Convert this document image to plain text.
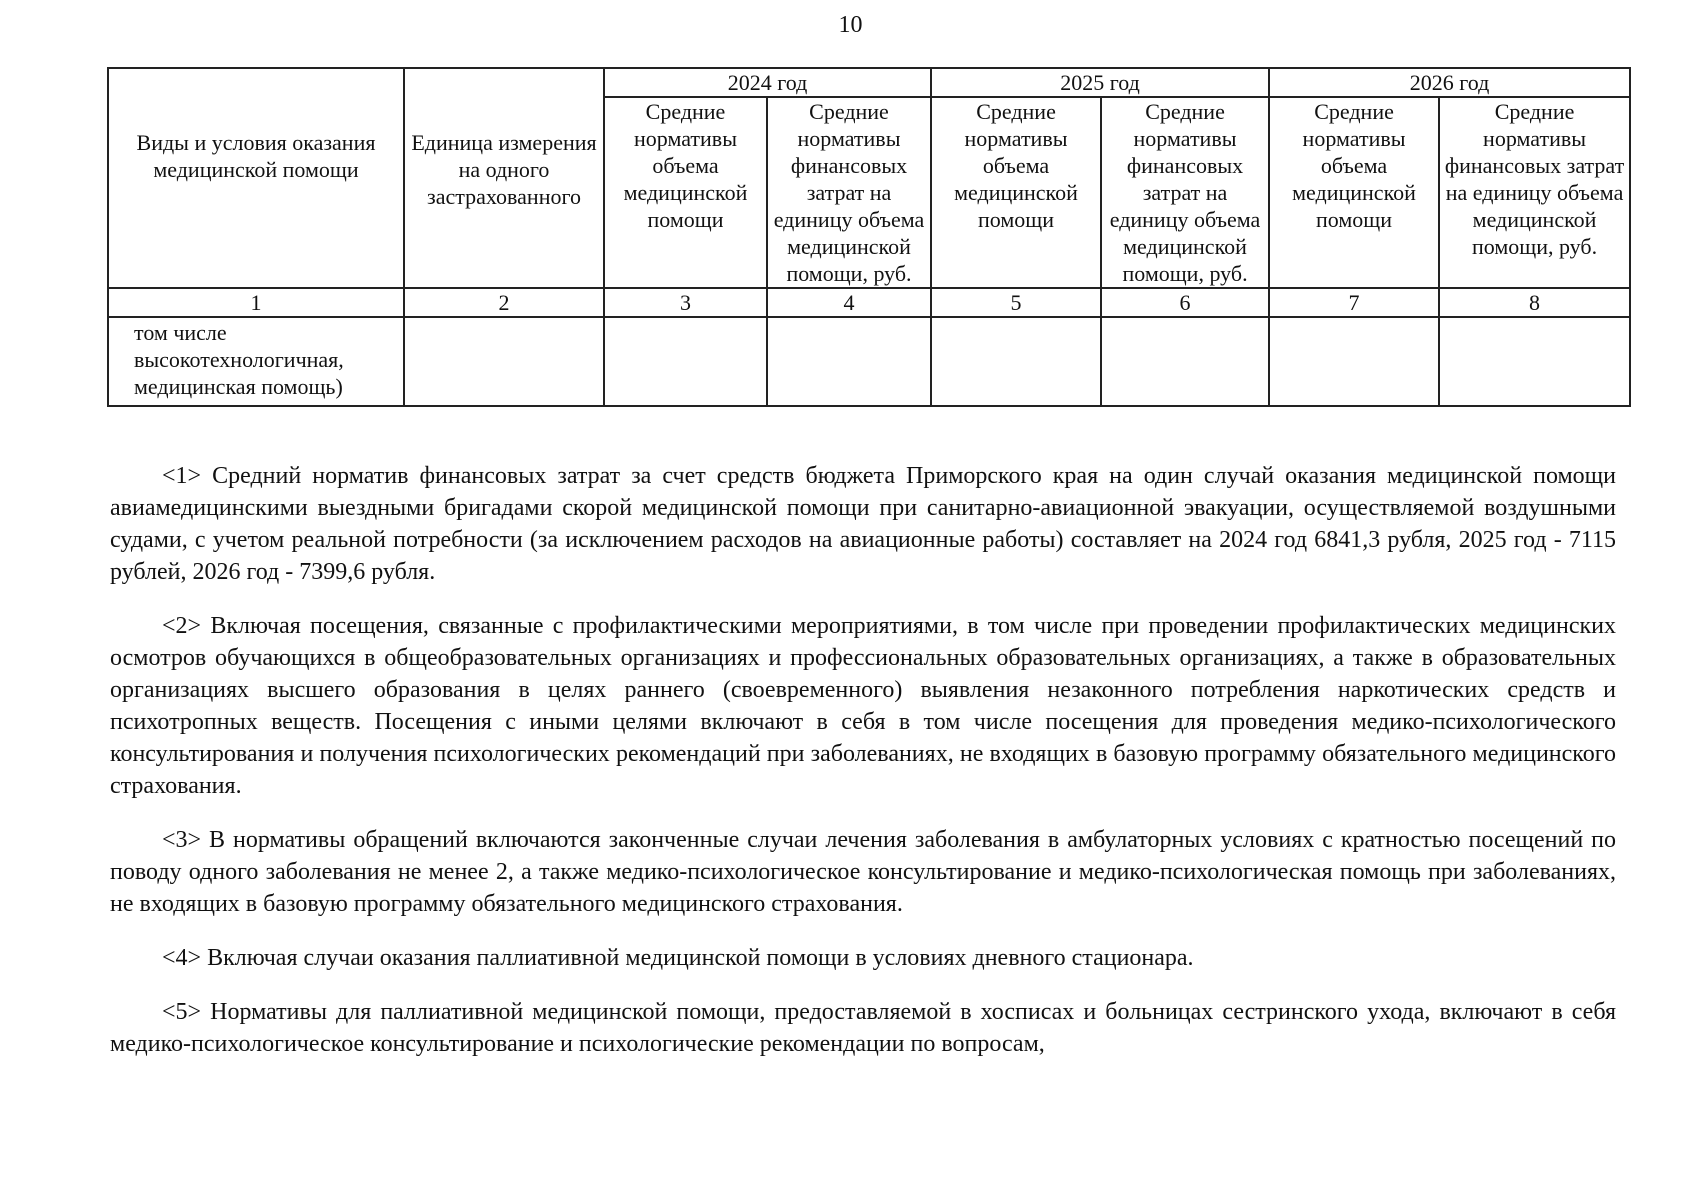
10
Виды и условия оказания медицинской помощи	Единица измерения на одного застрахованного	2024 год		2025 год		2026 год	
		Средние нормативы объема медицинской помощи	Средние нормативы финансовых затрат на единицу объема медицинской помощи, руб.	Средние нормативы объема медицинской помощи	Средние нормативы финансовых затрат на единицу объема медицинской помощи, руб.	Средние нормативы объема медицинской помощи	Средние нормативы финансовых затрат на единицу объема медицинской помощи, руб.
1	2	3	4	5	6	7	8
том числе высокотехнологичная, медицинская помощь)							

<1> Средний норматив финансовых затрат за счет средств бюджета Приморского края на один случай оказания медицинской помощи авиамедицинскими выездными бригадами скорой медицинской помощи при санитарно-авиационной эвакуации, осуществляемой воздушными судами, с учетом реальной потребности (за исключением расходов на авиационные работы) составляет на 2024 год 6841,3 рубля, 2025 год - 7115 рублей, 2026 год - 7399,6 рубля.

<2> Включая посещения, связанные с профилактическими мероприятиями, в том числе при проведении профилактических медицинских осмотров обучающихся в общеобразовательных организациях и профессиональных образовательных организациях, а также в образовательных организациях высшего образования в целях раннего (своевременного) выявления незаконного потребления наркотических средств и психотропных веществ. Посещения с иными целями включают в себя в том числе посещения для проведения медико-психологического консультирования и получения психологических рекомендаций при заболеваниях, не входящих в базовую программу обязательного медицинского страхования.

<3> В нормативы обращений включаются законченные случаи лечения заболевания в амбулаторных условиях с кратностью посещений по поводу одного заболевания не менее 2, а также медико-психологическое консультирование и медико-психологическая помощь при заболеваниях, не входящих в базовую программу обязательного медицинского страхования.

<4> Включая случаи оказания паллиативной медицинской помощи в условиях дневного стационара.

<5> Нормативы для паллиативной медицинской помощи, предоставляемой в хосписах и больницах сестринского ухода, включают в себя медико-психологическое консультирование и психологические рекомендации по вопросам,
